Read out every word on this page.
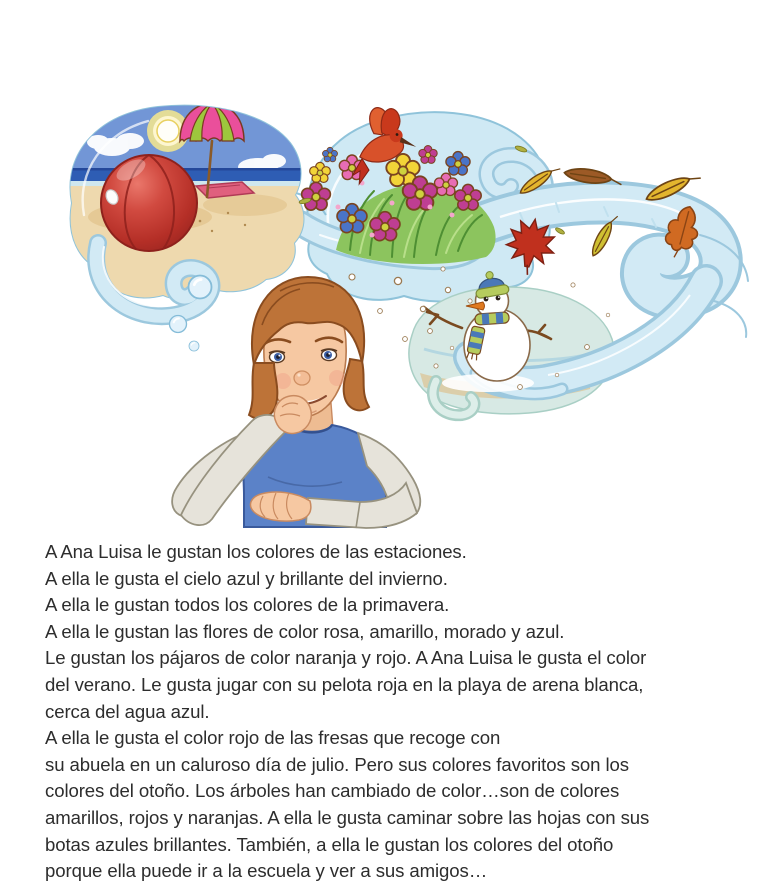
A Ana Luisa le gustan los colores de las estaciones.

A ella le gusta el cielo azul y brillante del invierno.

A ella le gustan todos los colores de la primavera.

A ella le gustan las flores de color rosa, amarillo, morado y azul.

Le gustan los pájaros de color naranja y rojo. A Ana Luisa le gusta el color

del verano. Le gusta jugar con su pelota roja en la playa de arena blanca,

cerca del agua azul.

A ella le gusta el color rojo de las fresas que recoge con

su abuela en un caluroso día de julio. Pero sus colores favoritos son los

colores del otoño. Los árboles han cambiado de color…son de colores

amarillos, rojos y naranjas. A ella le gusta caminar sobre las hojas con sus

botas azules brillantes. También, a ella le gustan los colores del otoño

porque ella puede ir a la escuela y ver a sus amigos…
